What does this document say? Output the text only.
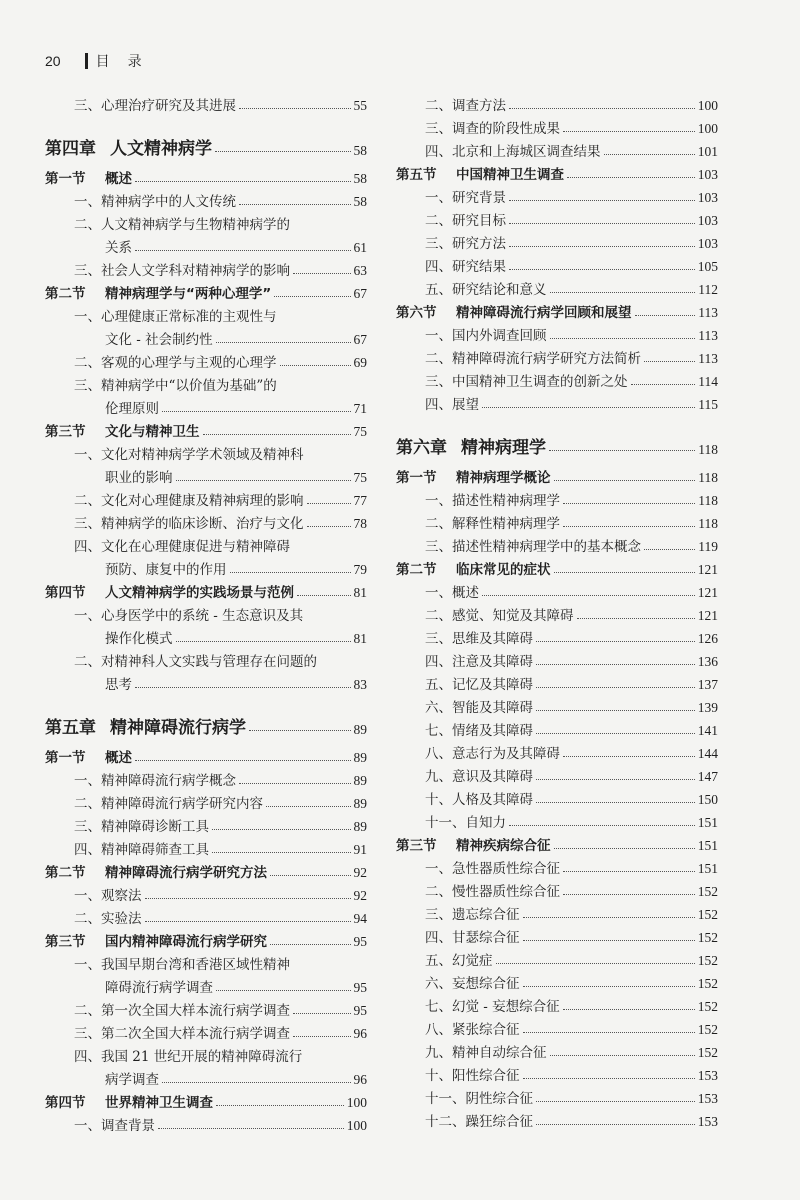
20	目录
三、心理治疗研究及其进展	55
第四章 人文精神病学	58
第一节 概述	58
一、精神病学中的人文传统	58
二、人文精神病学与生物精神病学的
关系	61
三、社会人文学科对精神病学的影响	63
第二节 精神病理学与“两种心理学”	67
一、心理健康正常标准的主观性与
文化 - 社会制约性	67
二、客观的心理学与主观的心理学	69
三、精神病学中“以价值为基础”的
伦理原则	71
第三节 文化与精神卫生	75
一、文化对精神病学学术领域及精神科
职业的影响	75
二、文化对心理健康及精神病理的影响	77
三、精神病学的临床诊断、治疗与文化	78
四、文化在心理健康促进与精神障碍
预防、康复中的作用	79
第四节 人文精神病学的实践场景与范例	81
一、心身医学中的系统 - 生态意识及其
操作化模式	81
二、对精神科人文实践与管理存在问题的
思考	83
第五章 精神障碍流行病学	89
第一节 概述	89
一、精神障碍流行病学概念	89
二、精神障碍流行病学研究内容	89
三、精神障碍诊断工具	89
四、精神障碍筛查工具	91
第二节 精神障碍流行病学研究方法	92
一、观察法	92
二、实验法	94
第三节 国内精神障碍流行病学研究	95
一、我国早期台湾和香港区域性精神
障碍流行病学调查	95
二、第一次全国大样本流行病学调查	95
三、第二次全国大样本流行病学调查	96
四、我国 21 世纪开展的精神障碍流行
病学调查	96
第四节 世界精神卫生调查	100
一、调查背景	100
二、调查方法	100
三、调查的阶段性成果	100
四、北京和上海城区调查结果	101
第五节 中国精神卫生调查	103
一、研究背景	103
二、研究目标	103
三、研究方法	103
四、研究结果	105
五、研究结论和意义	112
第六节 精神障碍流行病学回顾和展望	113
一、国内外调查回顾	113
二、精神障碍流行病学研究方法简析	113
三、中国精神卫生调查的创新之处	114
四、展望	115
第六章 精神病理学	118
第一节 精神病理学概论	118
一、描述性精神病理学	118
二、解释性精神病理学	118
三、描述性精神病理学中的基本概念	119
第二节 临床常见的症状	121
一、概述	121
二、感觉、知觉及其障碍	121
三、思维及其障碍	126
四、注意及其障碍	136
五、记忆及其障碍	137
六、智能及其障碍	139
七、情绪及其障碍	141
八、意志行为及其障碍	144
九、意识及其障碍	147
十、人格及其障碍	150
十一、自知力	151
第三节 精神疾病综合征	151
一、急性器质性综合征	151
二、慢性器质性综合征	152
三、遗忘综合征	152
四、甘瑟综合征	152
五、幻觉症	152
六、妄想综合征	152
七、幻觉 - 妄想综合征	152
八、紧张综合征	152
九、精神自动综合征	152
十、阳性综合征	153
十一、阴性综合征	153
十二、躁狂综合征	153
